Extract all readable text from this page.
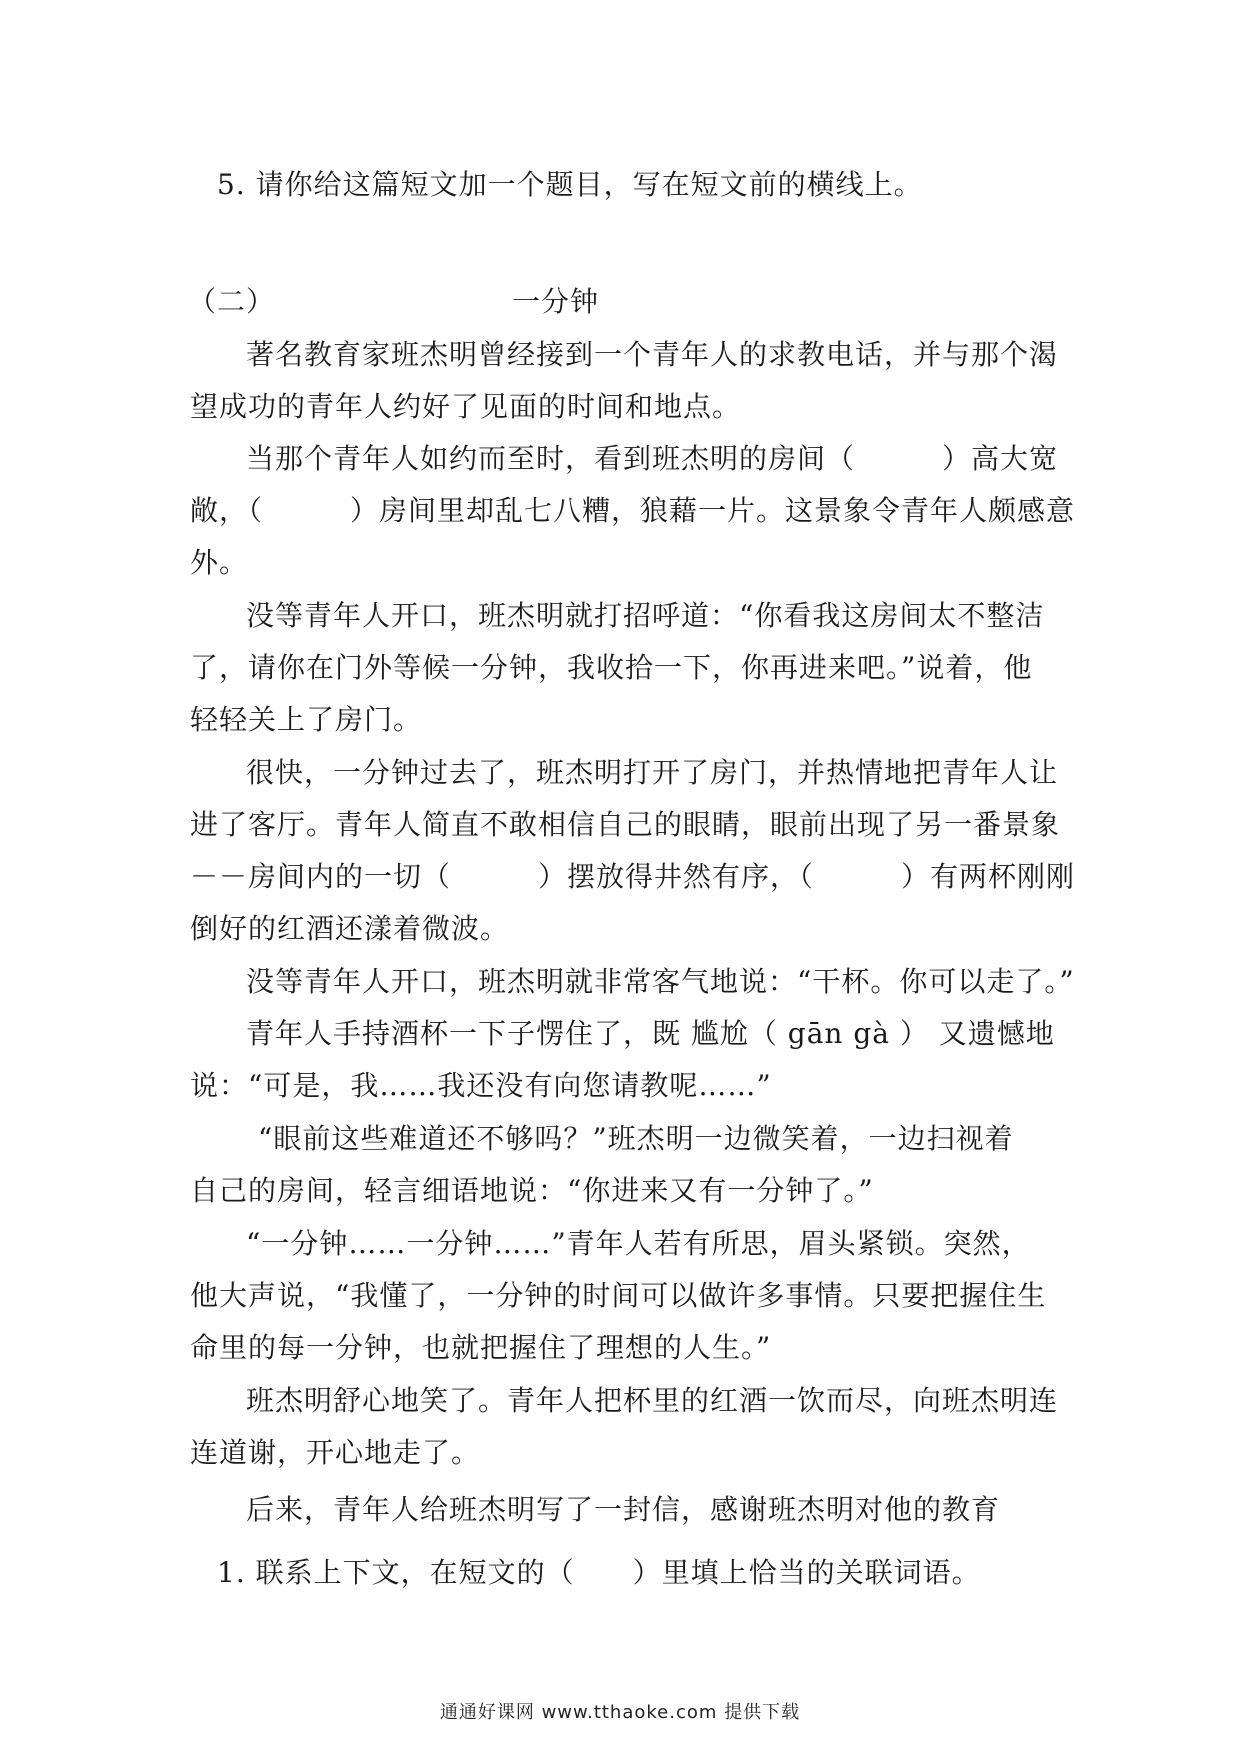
5. 请你给这篇短文加一个题目，写在短文前的横线上。
（二）	一分钟
著名教育家班杰明曾经接到一个青年人的求教电话，并与那个渴
望成功的青年人约好了见面的时间和地点。
当那个青年人如约而至时，看到班杰明的房间（　　　）高大宽
敞，（　　　）房间里却乱七八糟，狼藉一片。这景象令青年人颇感意
外。
没等青年人开口，班杰明就打招呼道：“你看我这房间太不整洁
了，请你在门外等候一分钟，我收拾一下，你再进来吧。”说着，他
轻轻关上了房门。
很快，一分钟过去了，班杰明打开了房门，并热情地把青年人让
进了客厅。青年人简直不敢相信自己的眼睛，眼前出现了另一番景象
－－房间内的一切（　　　）摆放得井然有序，（　　　）有两杯刚刚
倒好的红酒还漾着微波。
没等青年人开口，班杰明就非常客气地说：“干杯。你可以走了。”
青年人手持酒杯一下子愣住了，既 尴尬（ gān gà ） 又遗憾地
说：“可是，我……我还没有向您请教呢……”
“眼前这些难道还不够吗？”班杰明一边微笑着，一边扫视着
自己的房间，轻言细语地说：“你进来又有一分钟了。”
“一分钟……一分钟……”青年人若有所思，眉头紧锁。突然，
他大声说，“我懂了，一分钟的时间可以做许多事情。只要把握住生
命里的每一分钟，也就把握住了理想的人生。”
班杰明舒心地笑了。青年人把杯里的红酒一饮而尽，向班杰明连
连道谢，开心地走了。
后来，青年人给班杰明写了一封信，感谢班杰明对他的教育
1. 联系上下文，在短文的（　　）里填上恰当的关联词语。
通通好课网 www.tthaoke.com 提供下载
